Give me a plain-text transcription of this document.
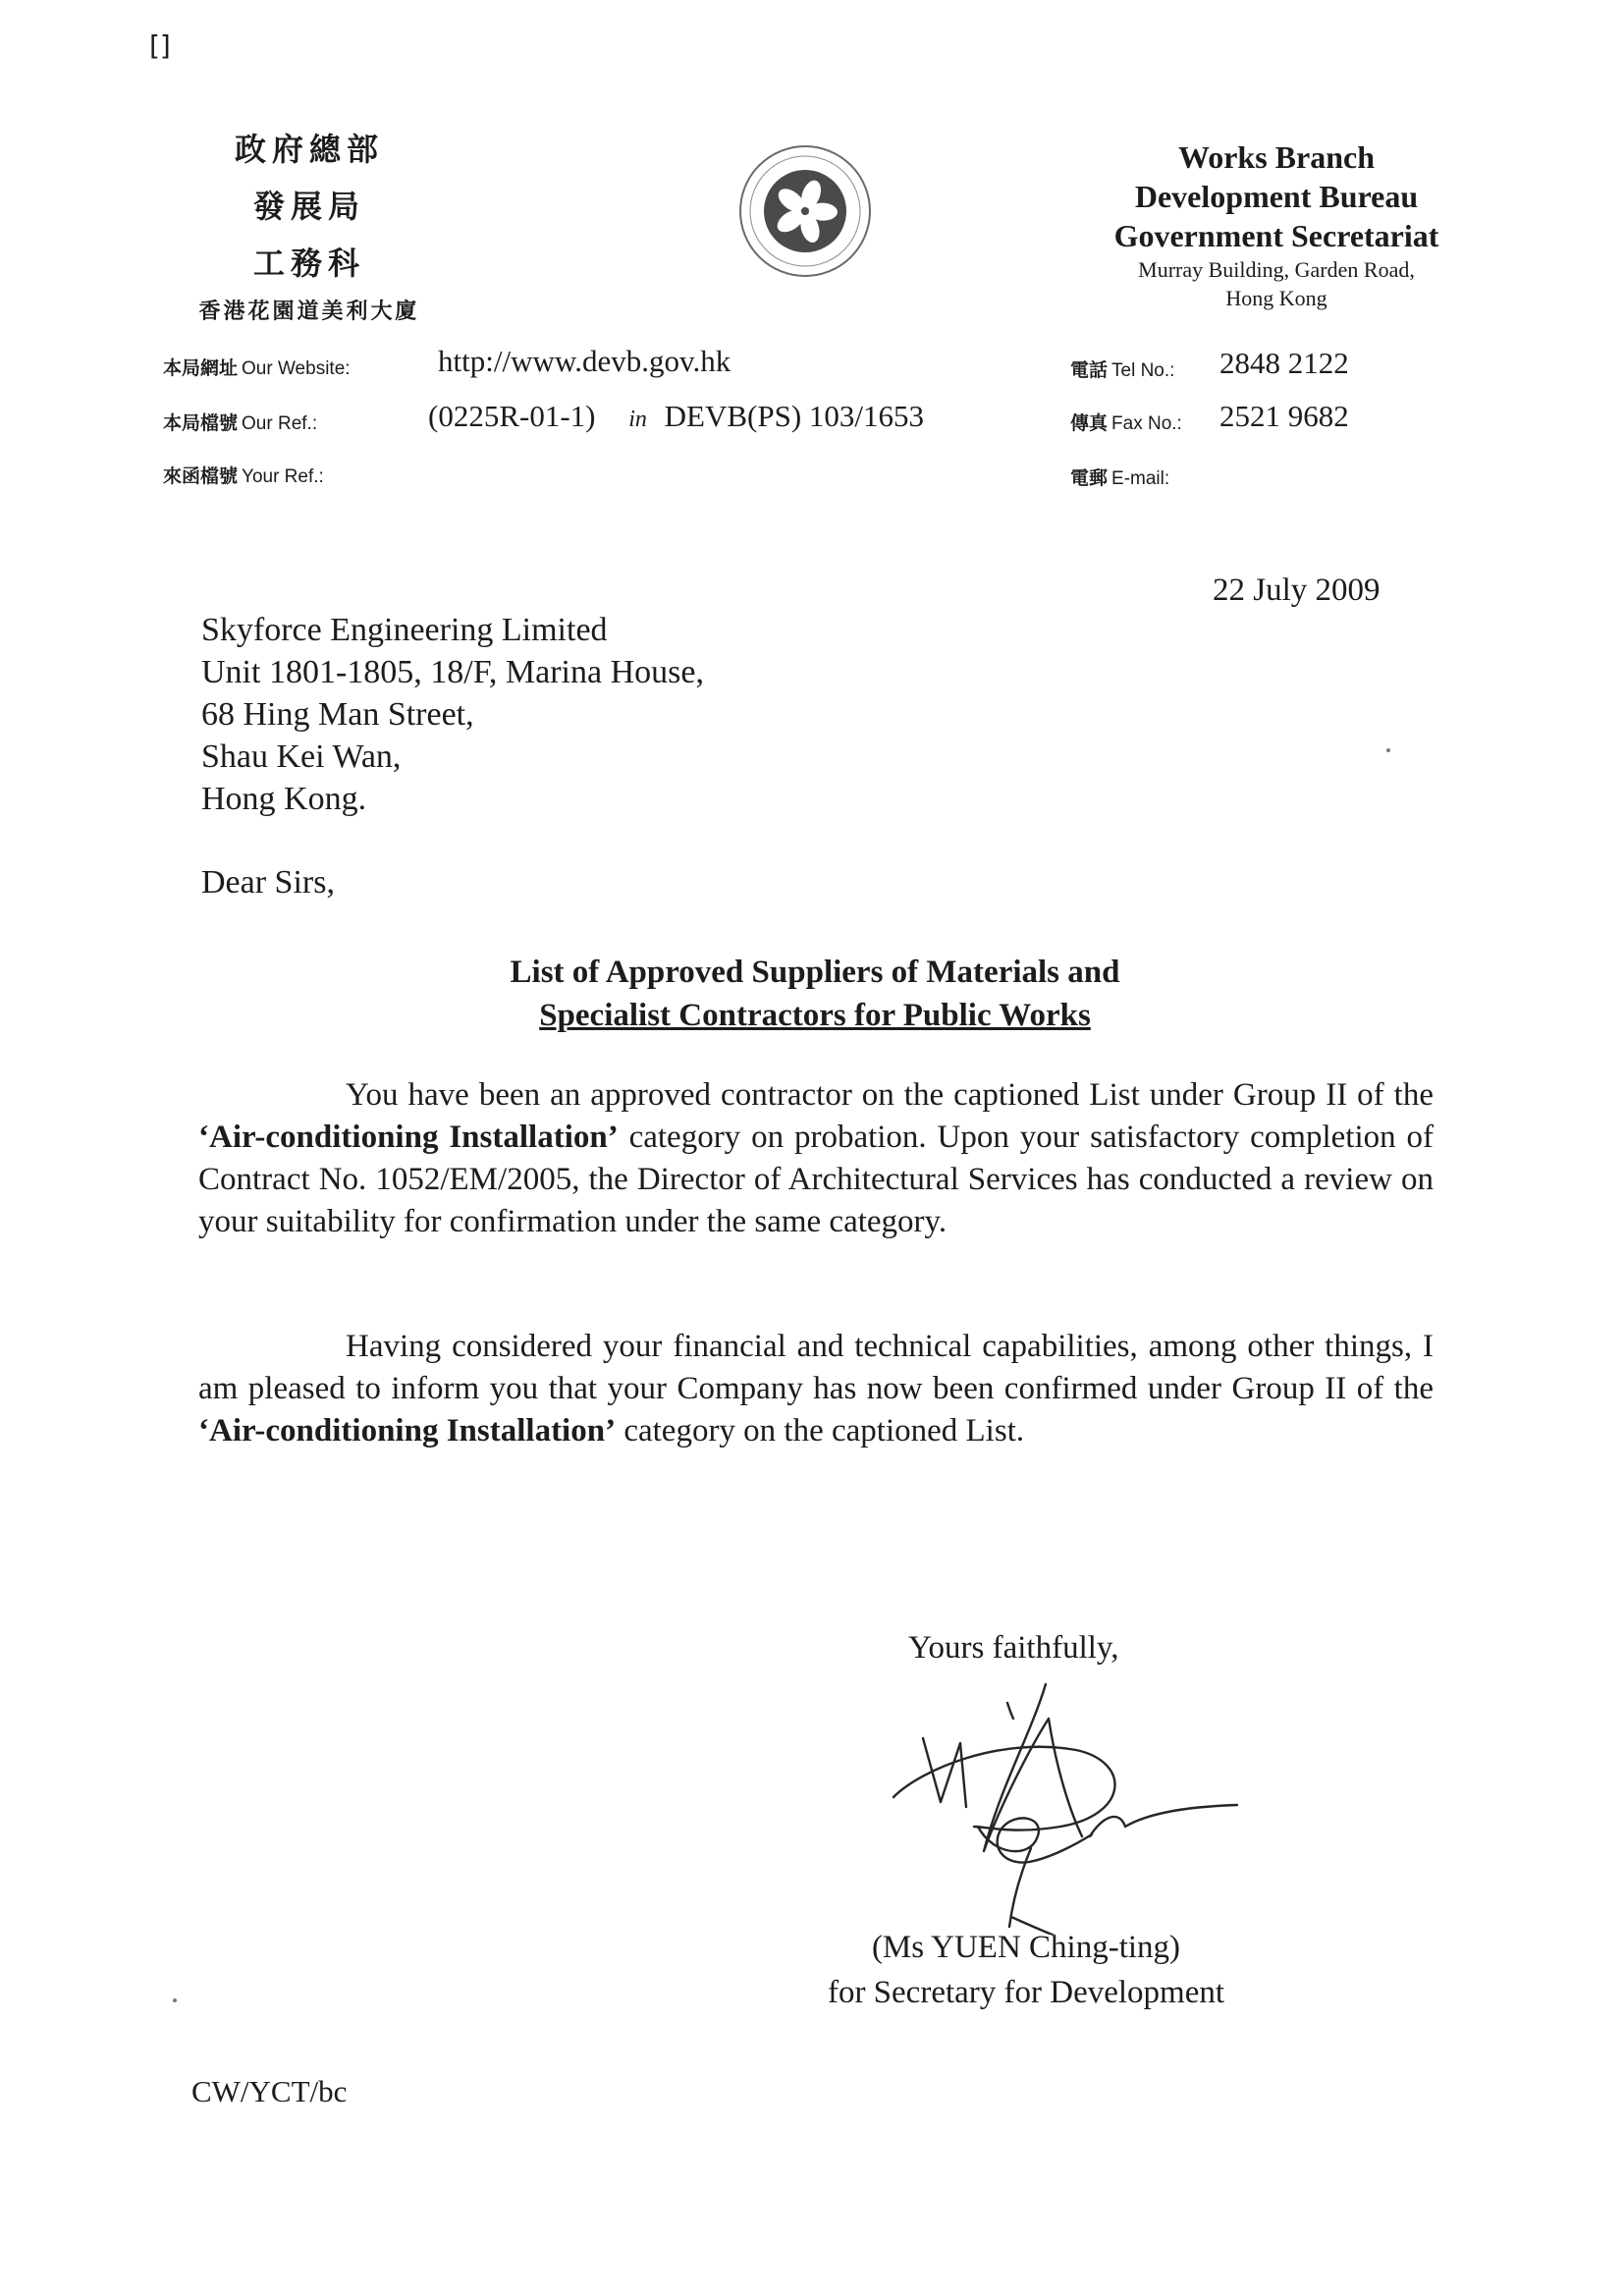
[]
政府總部
發展局
工務科
香港花園道美利大廈
Works Branch
Development Bureau
Government Secretariat
Murray Building, Garden Road,
Hong Kong
本局網址 Our Website:	http://www.devb.gov.hk
本局檔號 Our Ref.:	(0225R-01-1) in DEVB(PS) 103/1653
來函檔號 Your Ref.:
電話 Tel No.: 2848 2122
傳真 Fax No.: 2521 9682
電郵 E-mail:
22 July 2009
Skyforce Engineering Limited
Unit 1801-1805, 18/F, Marina House,
68 Hing Man Street,
Shau Kei Wan,
Hong Kong.
Dear Sirs,
List of Approved Suppliers of Materials and
Specialist Contractors for Public Works
You have been an approved contractor on the captioned List under Group II of the ‘Air-conditioning Installation’ category on probation. Upon your satisfactory completion of Contract No. 1052/EM/2005, the Director of Architectural Services has conducted a review on your suitability for confirmation under the same category.
Having considered your financial and technical capabilities, among other things, I am pleased to inform you that your Company has now been confirmed under Group II of the ‘Air-conditioning Installation’ category on the captioned List.
Yours faithfully,
(Ms YUEN Ching-ting)
for Secretary for Development
CW/YCT/bc
